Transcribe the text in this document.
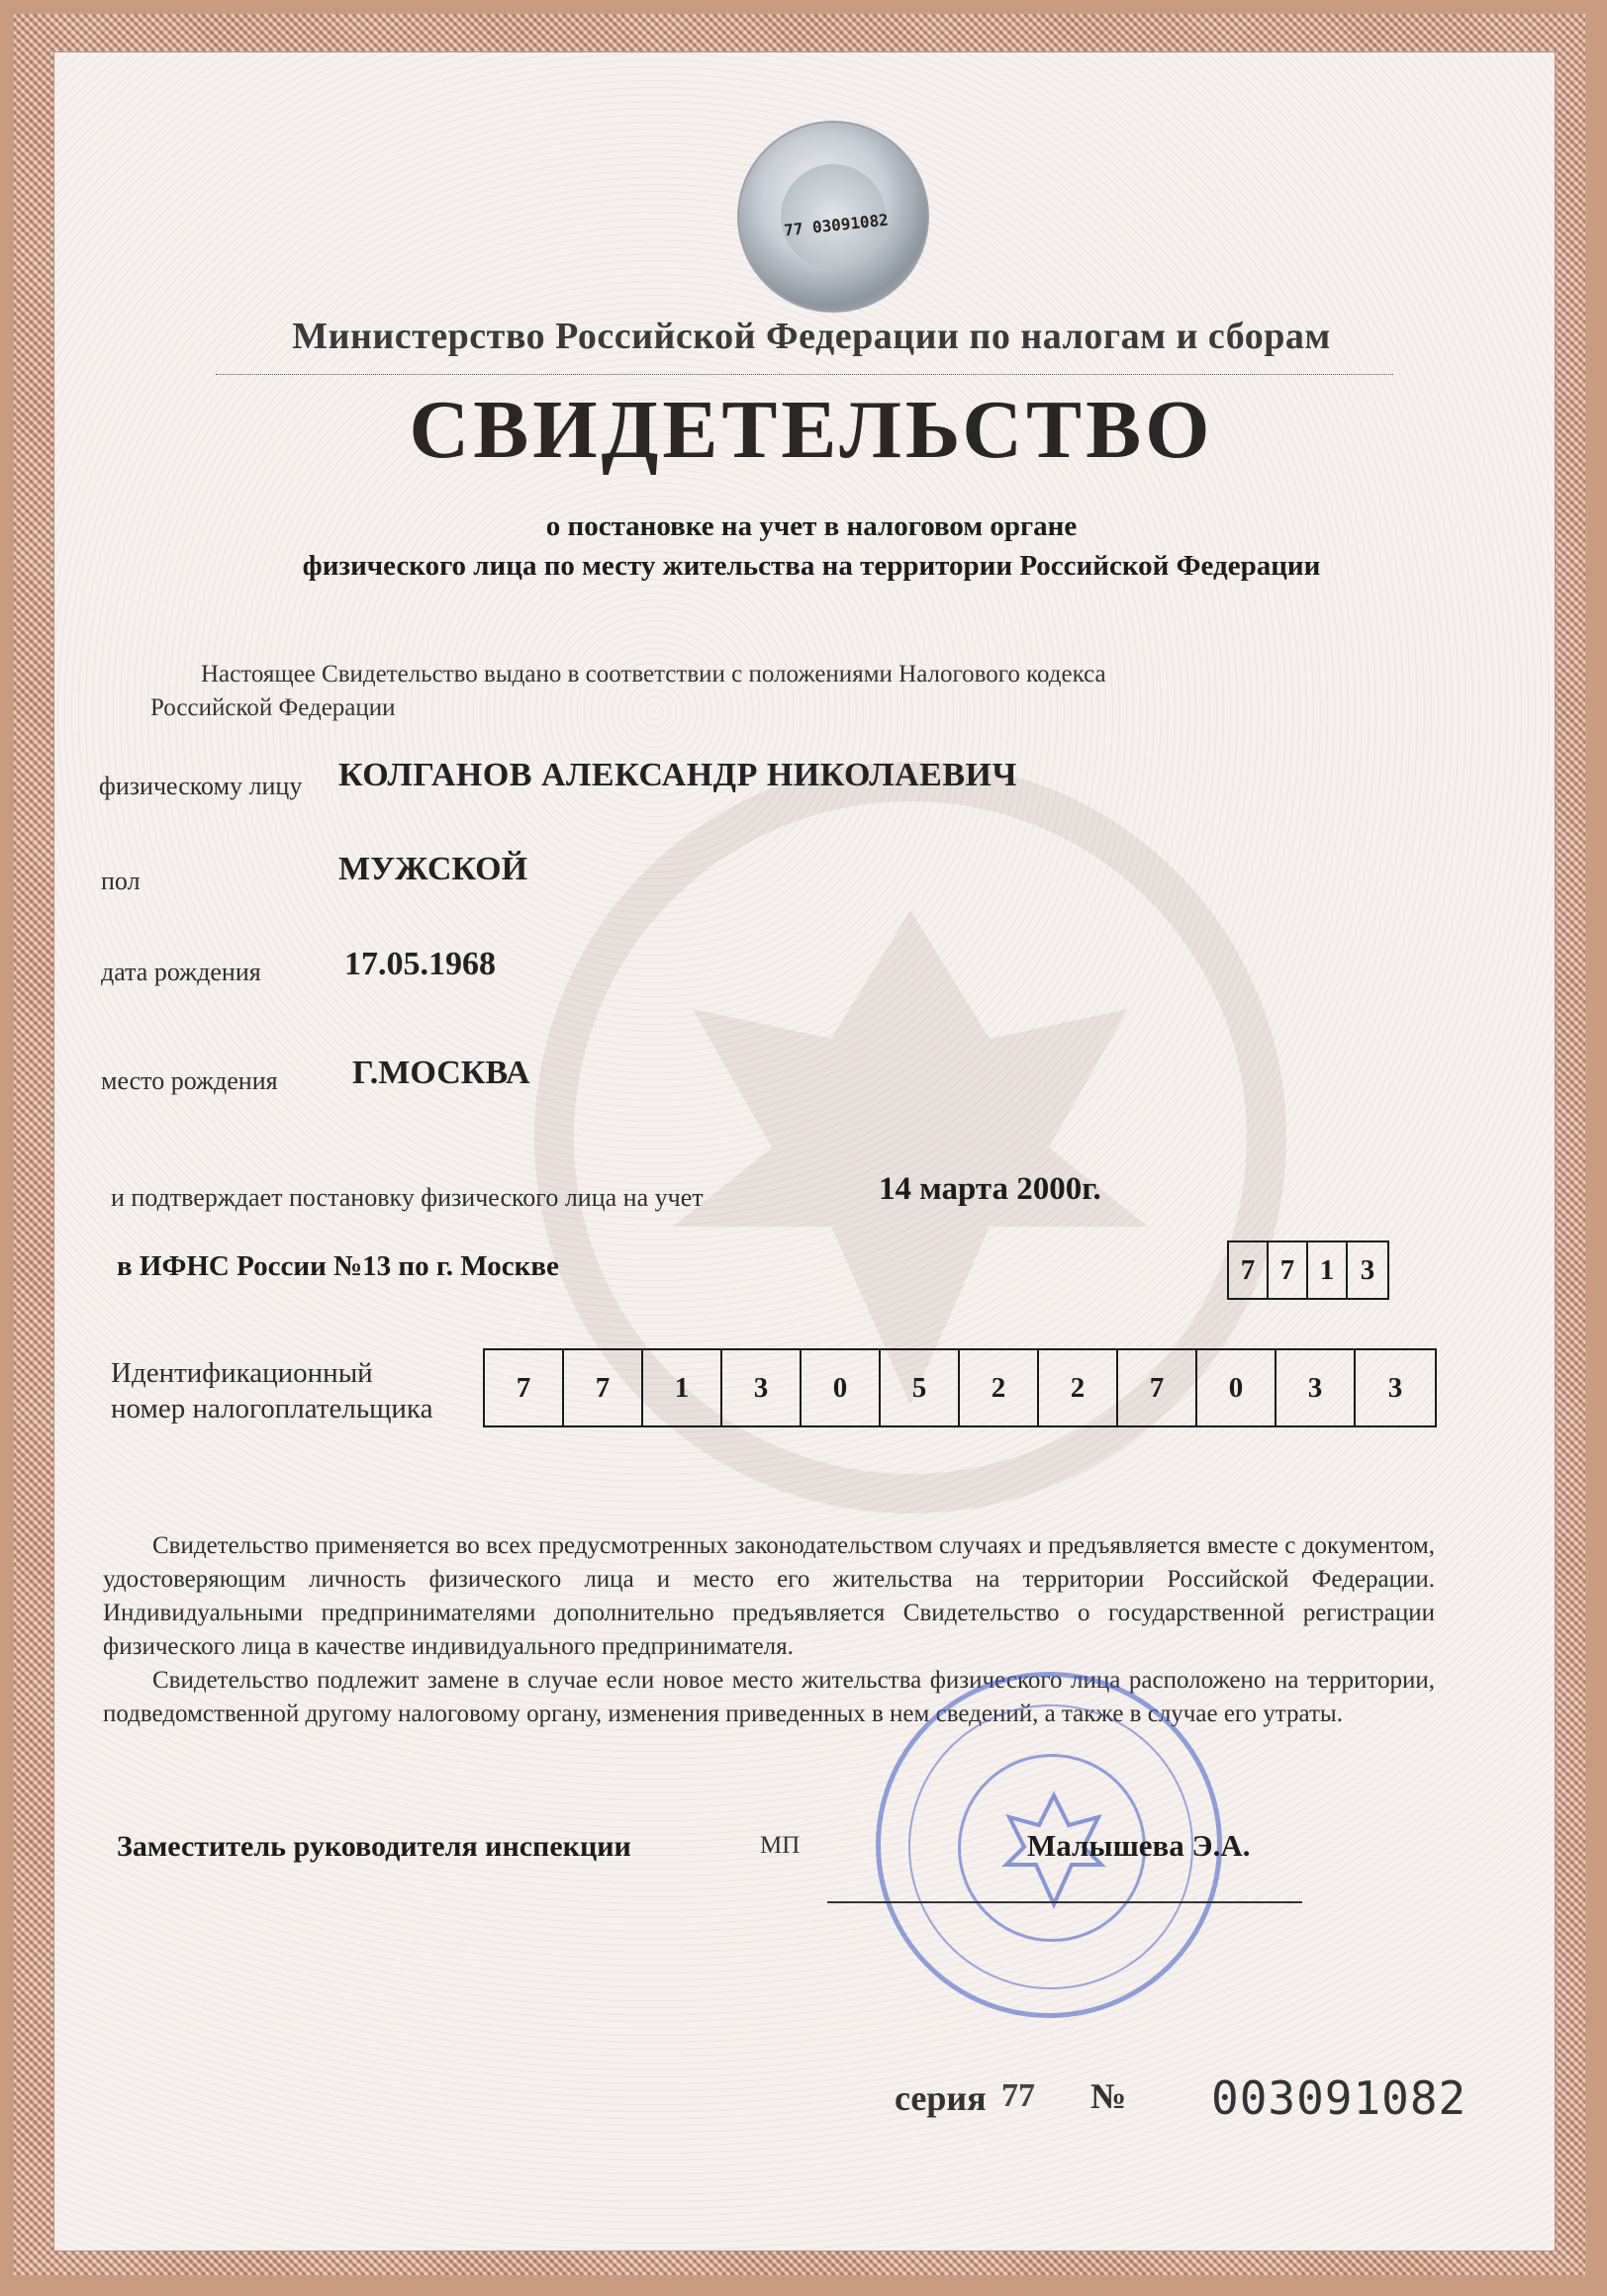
77 03091082
Министерство Российской Федерации по налогам и сборам
СВИДЕТЕЛЬСТВО
о постановке на учет в налоговом органе
физического лица по месту жительства на территории Российской Федерации
Настоящее Свидетельство выдано в соответствии с положениями Налогового кодекса
Российской Федерации
физическому лицу КОЛГАНОВ АЛЕКСАНДР НИКОЛАЕВИЧ
пол	МУЖСКОЙ
дата рождения 17.05.1968
место рождения Г.МОСКВА
и подтверждает постановку физического лица на учет	14 марта 2000г.
в ИФНС России №13 по г. Москве	7 7 1 3
Идентификационный
номер налогоплательщика
7	7	1	3	0	5	2	2	7	0	3	3

Свидетельство применяется во всех предусмотренных законодательством случаях и предъявляется вместе с документом, удостоверяющим личность физического лица и место его жительства на территории Российской Федерации. Индивидуальными предпринимателями дополнительно предъявляется Свидетельство о государственной регистрации физического лица в качестве индивидуального предпринимателя.

Свидетельство подлежит замене в случае если новое место жительства физического лица расположено на территории, подведомственной другому налоговому органу, изменения приведенных в нем сведений, а также в случае его утраты.

Заместитель руководителя инспекции	МП	Малышева Э.А.
серия 77 № 003091082
